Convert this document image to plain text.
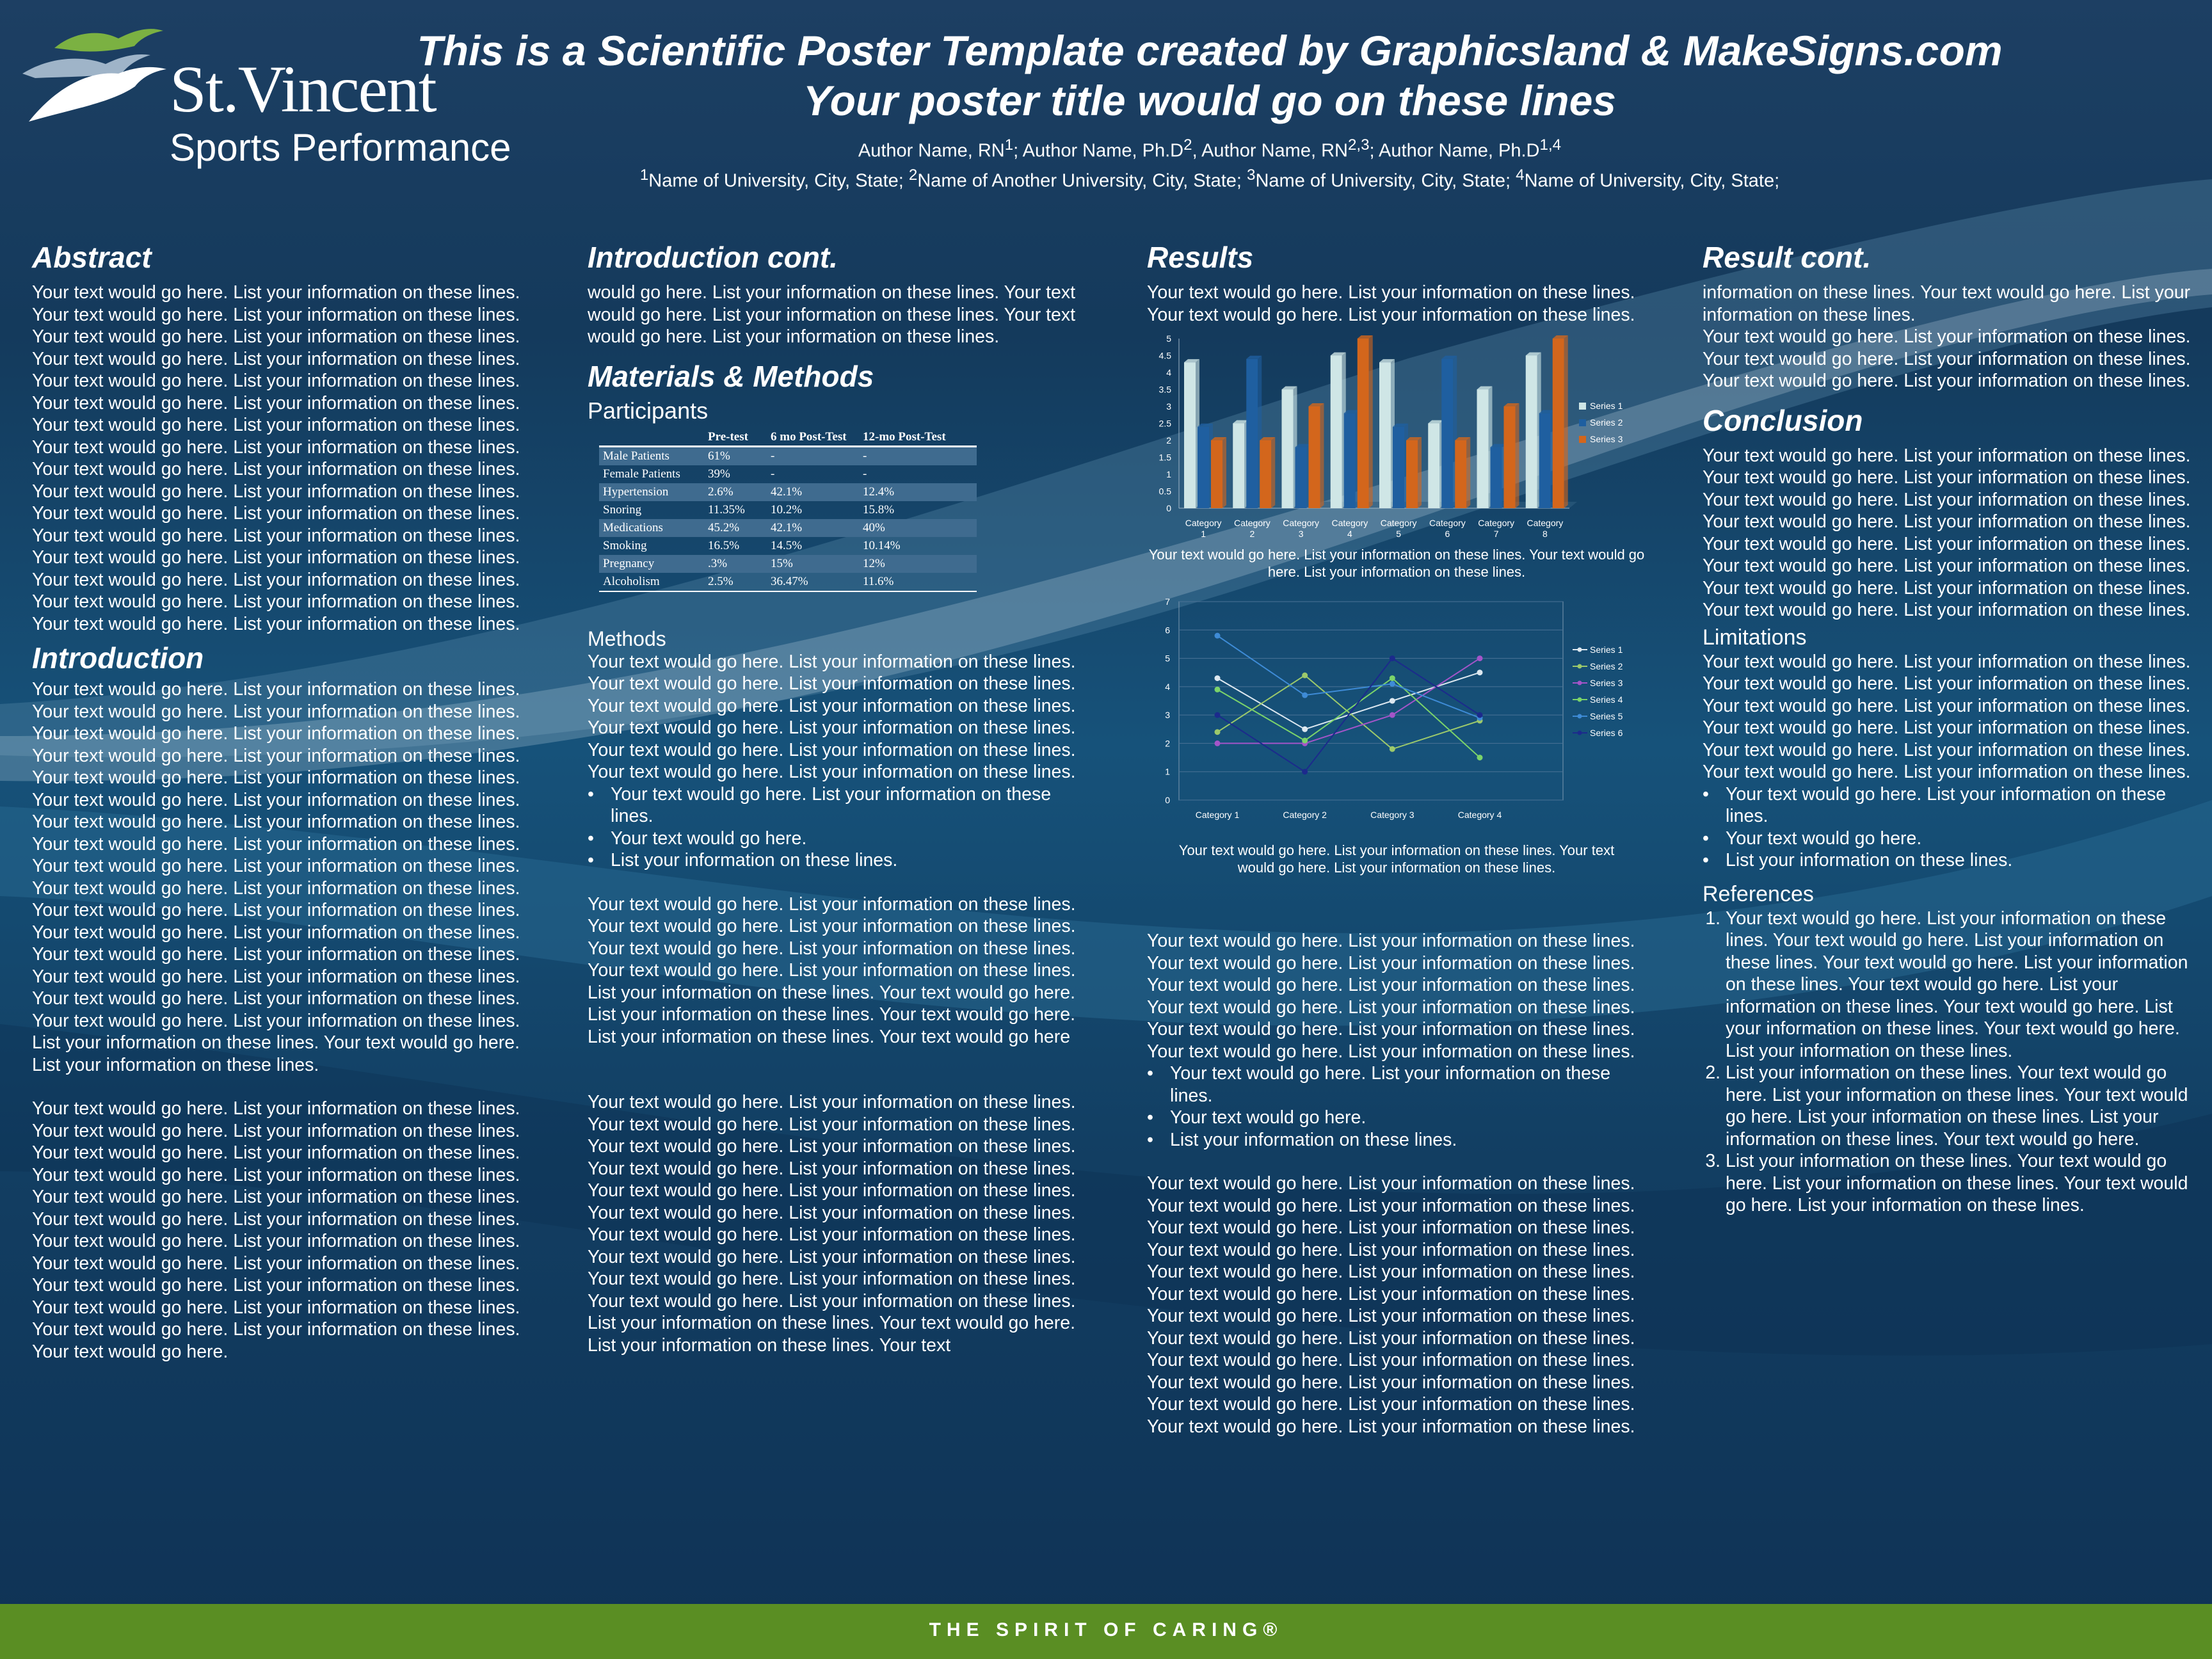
St.Vincent
Sports Performance
This is a Scientific Poster Template created by Graphicsland & MakeSigns.com
Your poster title would go on these lines
Author Name, $RN^1$; Author Name, $Ph.D^2$, Author Name, RN$^{2,3}$; Author Name, $Ph.D^{1,4}$
$^1$Name of University, City, State; $^2$Name of Another University, City, State; $^3$Name of University, City, State; $^4$Name of University, City, State;
Abstract

Your text would go here. List your information on these lines. Your text would go here. List your information on these lines. Your text would go here. List your information on these lines. Your text would go here. List your information on these lines. Your text would go here. List your information on these lines. Your text would go here. List your information on these lines. Your text would go here. List your information on these lines. Your text would go here. List your information on these lines.

Your text would go here. List your information on these lines. Your text would go here. List your information on these lines. Your text would go here. List your information on these lines. Your text would go here. List your information on these lines.

Your text would go here. List your information on these lines. Your text would go here. List your information on these lines. Your text would go here. List your information on these lines. Your text would go here. List your information on these lines.

Introduction

Your text would go here. List your information on these lines. Your text would go here. List your information on these lines. Your text would go here. List your information on these lines. Your text would go here. List your information on these lines. Your text would go here. List your information on these lines. Your text would go here. List your information on these lines. Your text would go here. List your information on these lines. Your text would go here. List your information on these lines.

Your text would go here. List your information on these lines. Your text would go here. List your information on these lines. Your text would go here. List your information on these lines. Your text would go here. List your information on these lines.

Your text would go here. List your information on these lines. Your text would go here. List your information on these lines. Your text would go here. List your information on these lines. Your text would go here. List your information on these lines. List your information on these lines. Your text would go here. List your information on these lines.

Your text would go here. List your information on these lines. Your text would go here. List your information on these lines. Your text would go here. List your information on these lines. Your text would go here. List your information on these lines. Your text would go here. List your information on these lines. Your text would go here. List your information on these lines. Your text would go here. List your information on these lines. Your text would go here. List your information on these lines.

Your text would go here. List your information on these lines. Your text would go here. List your information on these lines. Your text would go here. List your information on these lines. Your text would go here.

Introduction cont.

would go here. List your information on these lines. Your text would go here. List your information on these lines. Your text would go here. List your information on these lines.

Materials & Methods
Participants
	Pre-test	6 mo Post-Test	12-mo Post-Test
Male Patients	61%	-	-
Female Patients	39%	-	-
Hypertension	2.6%	42.1%	12.4%
Snoring	11.35%	10.2%	15.8%
Medications	45.2%	42.1%	40%
Smoking	16.5%	14.5%	10.14%
Pregnancy	.3%	15%	12%
Alcoholism	2.5%	36.47%	11.6%
Methods

Your text would go here. List your information on these lines. Your text would go here. List your information on these lines. Your text would go here. List your information on these lines. Your text would go here. List your information on these lines. Your text would go here. List your information on these lines. Your text would go here. List your information on these lines.

• Your text would go here. List your information on these lines.
• Your text would go here.
• List your information on these lines.

Your text would go here. List your information on these lines. Your text would go here. List your information on these lines. Your text would go here. List your information on these lines. Your text would go here. List your information on these lines. List your information on these lines. Your text would go here. List your information on these lines. Your text would go here. List your information on these lines. Your text would go here

Your text would go here. List your information on these lines. Your text would go here. List your information on these lines.

Your text would go here. List your information on these lines. Your text would go here. List your information on these lines. Your text would go here. List your information on these lines. Your text would go here. List your information on these lines.

Your text would go here. List your information on these lines. Your text would go here. List your information on these lines. Your text would go here. List your information on these lines. Your text would go here. List your information on these lines. List your information on these lines. Your text would go here. List your information on these lines. Your text

Results

Your text would go here. List your information on these lines. Your text would go here. List your information on these lines.

0
0.5
1
1.5
2
2.5
3
3.5
4
4.5
5
Category
1
Category
2
Category
3
Category
4
Category
5
Category
6
Category
7
Category
8
Series 1
Series 2
Series 3
Your text would go here. List your information on these lines. Your text would go here. List your information on these lines.
0
1
2
3
4
5
6
7
Category 1	Category 2	Category 3	Category 4
Series 1
Series 2
Series 3
Series 4
Series 5
Series 6
Your text would go here. List your information on these lines. Your text would go here. List your information on these lines.

Your text would go here. List your information on these lines. Your text would go here. List your information on these lines. Your text would go here. List your information on these lines. Your text would go here. List your information on these lines. Your text would go here. List your information on these lines. Your text would go here. List your information on these lines.

• Your text would go here. List your information on these lines.
• Your text would go here.
• List your information on these lines.

Your text would go here. List your information on these lines. Your text would go here. List your information on these lines. Your text would go here. List your information on these lines. Your text would go here. List your information on these lines. Your text would go here. List your information on these lines. Your text would go here. List your information on these lines. Your text would go here. List your information on these lines. Your text would go here. List your information on these lines.

Your text would go here. List your information on these lines. Your text would go here. List your information on these lines. Your text would go here. List your information on these lines. Your text would go here. List your information on these lines.

Result cont.

information on these lines. Your text would go here. List your information on these lines.

Your text would go here. List your information on these lines. Your text would go here. List your information on these lines. Your text would go here. List your information on these lines.

Conclusion

Your text would go here. List your information on these lines. Your text would go here. List your information on these lines. Your text would go here. List your information on these lines. Your text would go here. List your information on these lines. Your text would go here. List your information on these lines. Your text would go here. List your information on these lines. Your text would go here. List your information on these lines. Your text would go here. List your information on these lines.

Limitations

Your text would go here. List your information on these lines. Your text would go here. List your information on these lines. Your text would go here. List your information on these lines. Your text would go here. List your information on these lines. Your text would go here. List your information on these lines. Your text would go here. List your information on these lines.

• Your text would go here. List your information on these lines.
• Your text would go here.
• List your information on these lines.
References
1. Your text would go here. List your information on these lines. Your text would go here. List your information on these lines. Your text would go here. List your information on these lines. Your text would go here. List your information on these lines. Your text would go here. List your information on these lines. Your text would go here. List your information on these lines.
2. List your information on these lines. Your text would go here. List your information on these lines. Your text would go here. List your information on these lines. List your information on these lines. Your text would go here.
3. List your information on these lines. Your text would go here. List your information on these lines. Your text would go here. List your information on these lines.
THE SPIRIT OF CARING®
